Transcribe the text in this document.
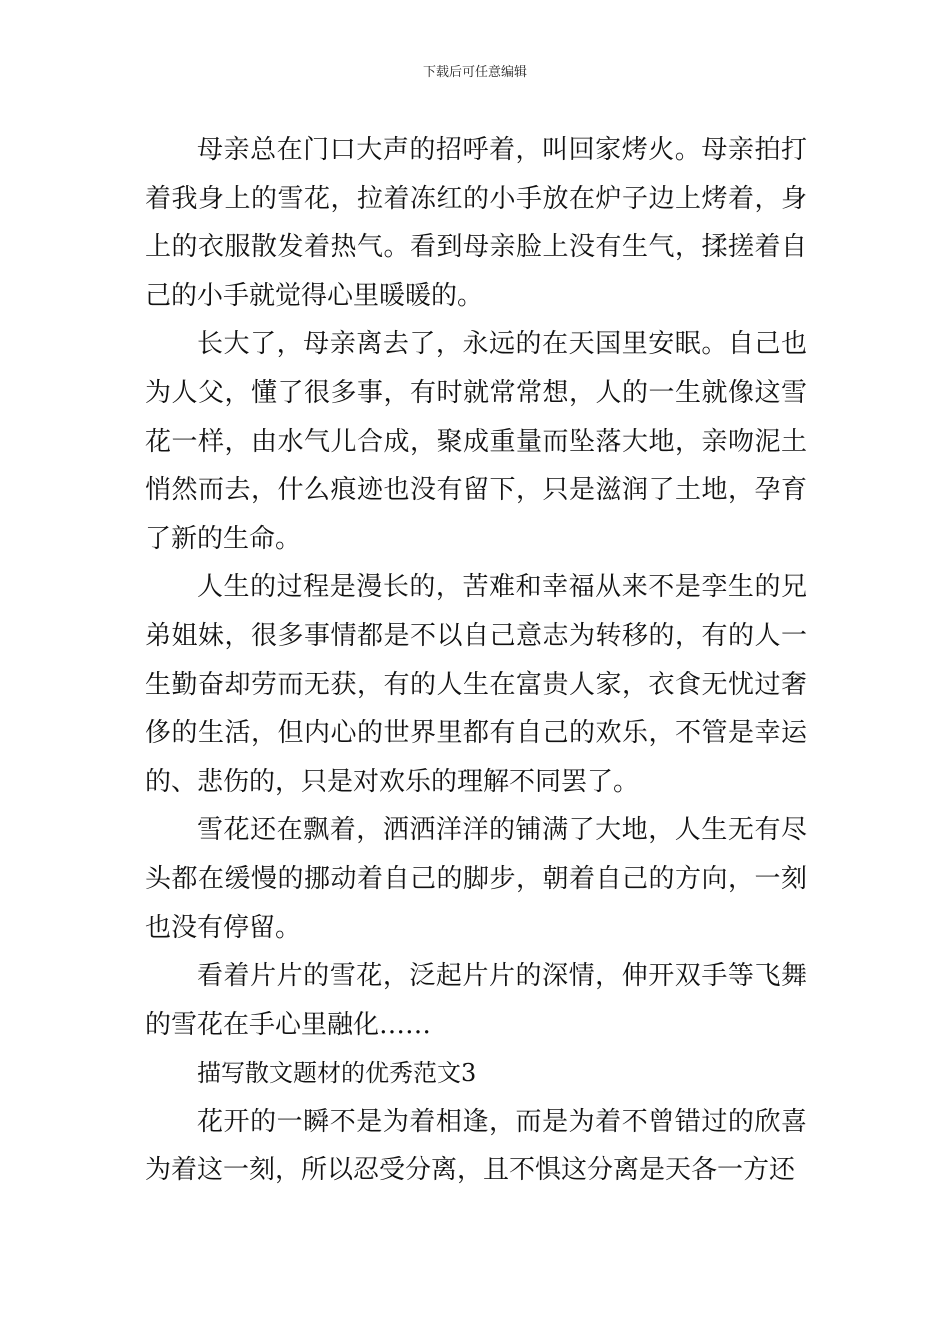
下载后可任意编辑

母亲总在门口大声的招呼着，叫回家烤火。母亲拍打着我身上的雪花，拉着冻红的小手放在炉子边上烤着，身上的衣服散发着热气。看到母亲脸上没有生气，揉搓着自己的小手就觉得心里暖暖的。

长大了，母亲离去了，永远的在天国里安眠。自己也为人父，懂了很多事，有时就常常想，人的一生就像这雪花一样，由水气儿合成，聚成重量而坠落大地，亲吻泥土悄然而去，什么痕迹也没有留下，只是滋润了土地，孕育了新的生命。

人生的过程是漫长的，苦难和幸福从来不是孪生的兄弟姐妹，很多事情都是不以自己意志为转移的，有的人一生勤奋却劳而无获，有的人生在富贵人家，衣食无忧过奢侈的生活，但内心的世界里都有自己的欢乐，不管是幸运的、悲伤的，只是对欢乐的理解不同罢了。

雪花还在飘着，洒洒洋洋的铺满了大地，人生无有尽头都在缓慢的挪动着自己的脚步，朝着自己的方向，一刻也没有停留。

看着片片的雪花，泛起片片的深情，伸开双手等飞舞的雪花在手心里融化……

描写散文题材的优秀范文3

花开的一瞬不是为着相逢，而是为着不曾错过的欣喜为着这一刻，所以忍受分离，且不惧这分离是天各一方还
